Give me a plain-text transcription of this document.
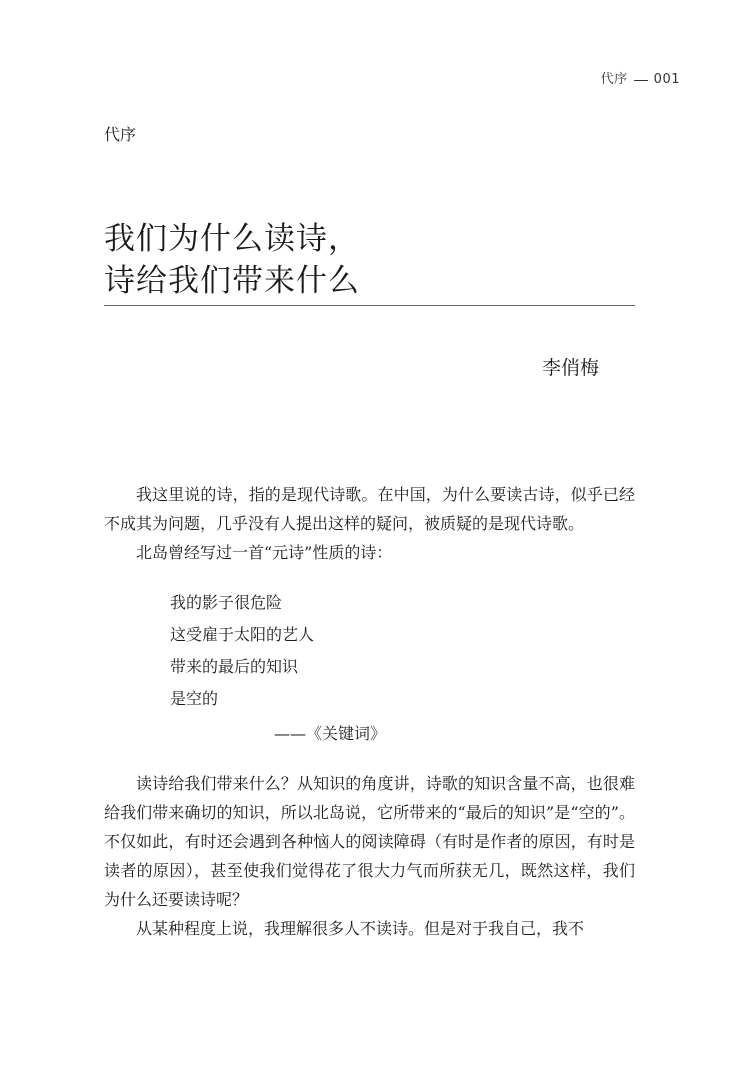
代序 001
代序
我们为什么读诗，
诗给我们带来什么
李俏梅

我这里说的诗，指的是现代诗歌。在中国，为什么要读古诗，似乎已经不成其为问题，几乎没有人提出这样的疑问，被质疑的是现代诗歌。

北岛曾经写过一首“元诗”性质的诗：

我的影子很危险
这受雇于太阳的艺人
带来的最后的知识
是空的
——《关键词》

读诗给我们带来什么？从知识的角度讲，诗歌的知识含量不高，也很难给我们带来确切的知识，所以北岛说，它所带来的“最后的知识”是“空的”。不仅如此，有时还会遇到各种恼人的阅读障碍（有时是作者的原因，有时是读者的原因），甚至使我们觉得花了很大力气而所获无几，既然这样，我们为什么还要读诗呢？

从某种程度上说，我理解很多人不读诗。但是对于我自己，我不
